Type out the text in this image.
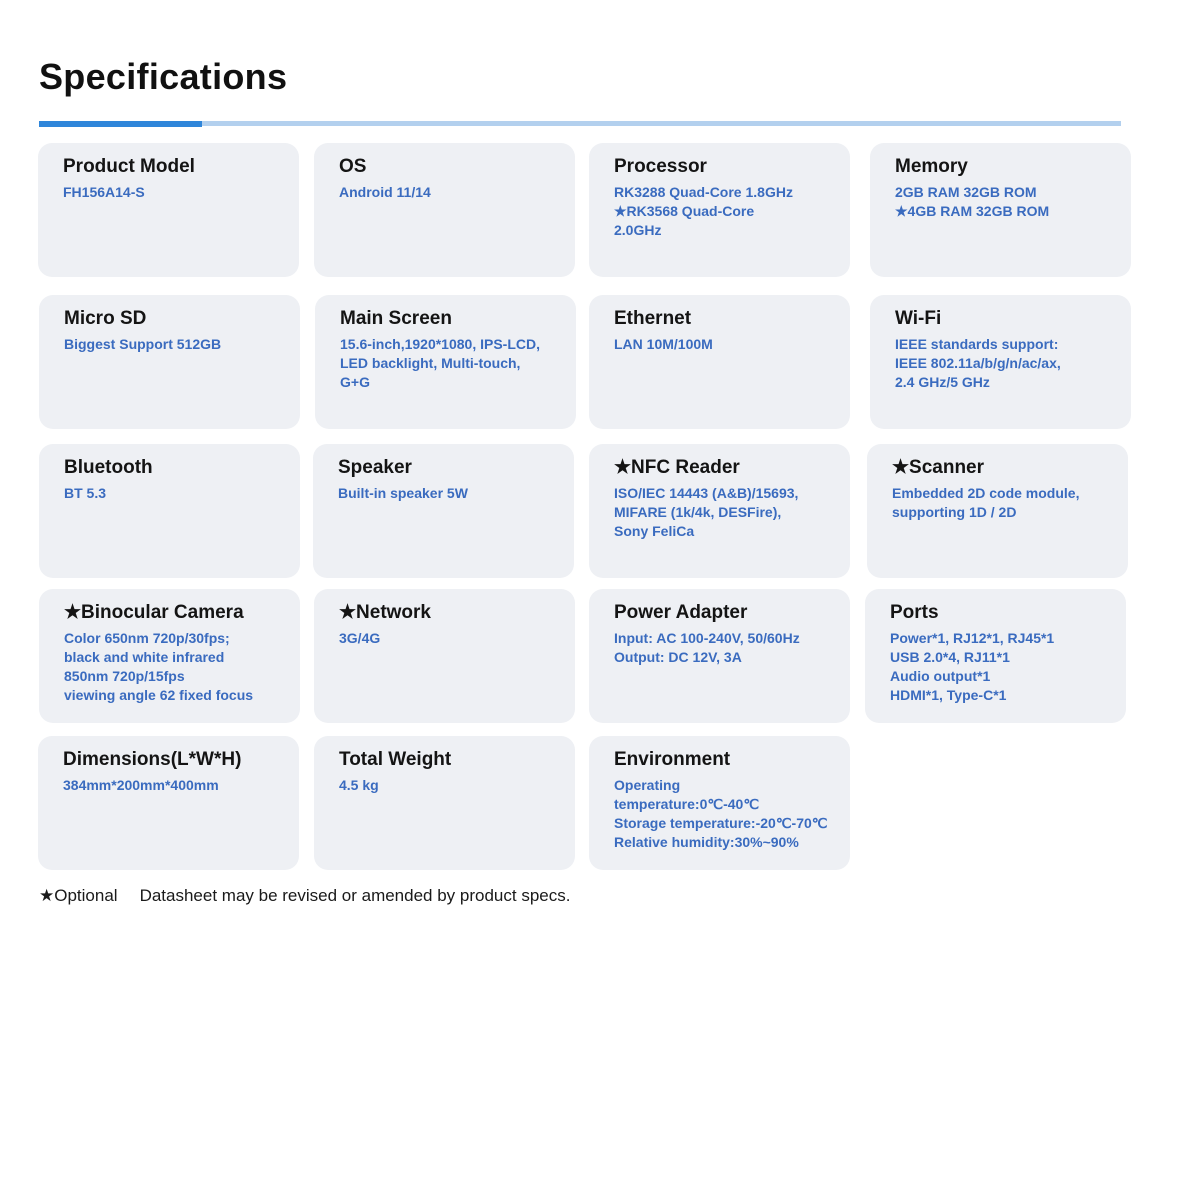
Specifications
Product Model
FH156A14-S
OS
Android 11/14
Processor
RK3288 Quad-Core 1.8GHz
★RK3568 Quad-Core
2.0GHz
Memory
2GB RAM 32GB ROM
★4GB RAM 32GB ROM
Micro SD
Biggest Support 512GB
Main Screen
15.6-inch,1920*1080, IPS-LCD,
LED backlight, Multi-touch,
G+G
Ethernet
LAN 10M/100M
Wi-Fi
IEEE standards support:
IEEE 802.11a/b/g/n/ac/ax,
2.4 GHz/5 GHz
Bluetooth
BT 5.3
Speaker
Built-in speaker 5W
★NFC Reader
ISO/IEC 14443 (A&B)/15693,
MIFARE (1k/4k, DESFire),
Sony FeliCa
★Scanner
Embedded 2D code module,
supporting 1D / 2D
★Binocular Camera
Color 650nm 720p/30fps;
black and white infrared
850nm 720p/15fps
viewing angle 62 fixed focus
★Network
3G/4G
Power Adapter
Input: AC 100-240V, 50/60Hz
Output: DC 12V, 3A
Ports
Power*1, RJ12*1, RJ45*1
USB 2.0*4, RJ11*1
Audio output*1
HDMI*1, Type-C*1
Dimensions(L*W*H)
384mm*200mm*400mm
Total Weight
4.5 kg
Environment
Operating
temperature:0℃-40℃
Storage temperature:-20℃-70℃
Relative humidity:30%~90%
★Optional Datasheet may be revised or amended by product specs.
